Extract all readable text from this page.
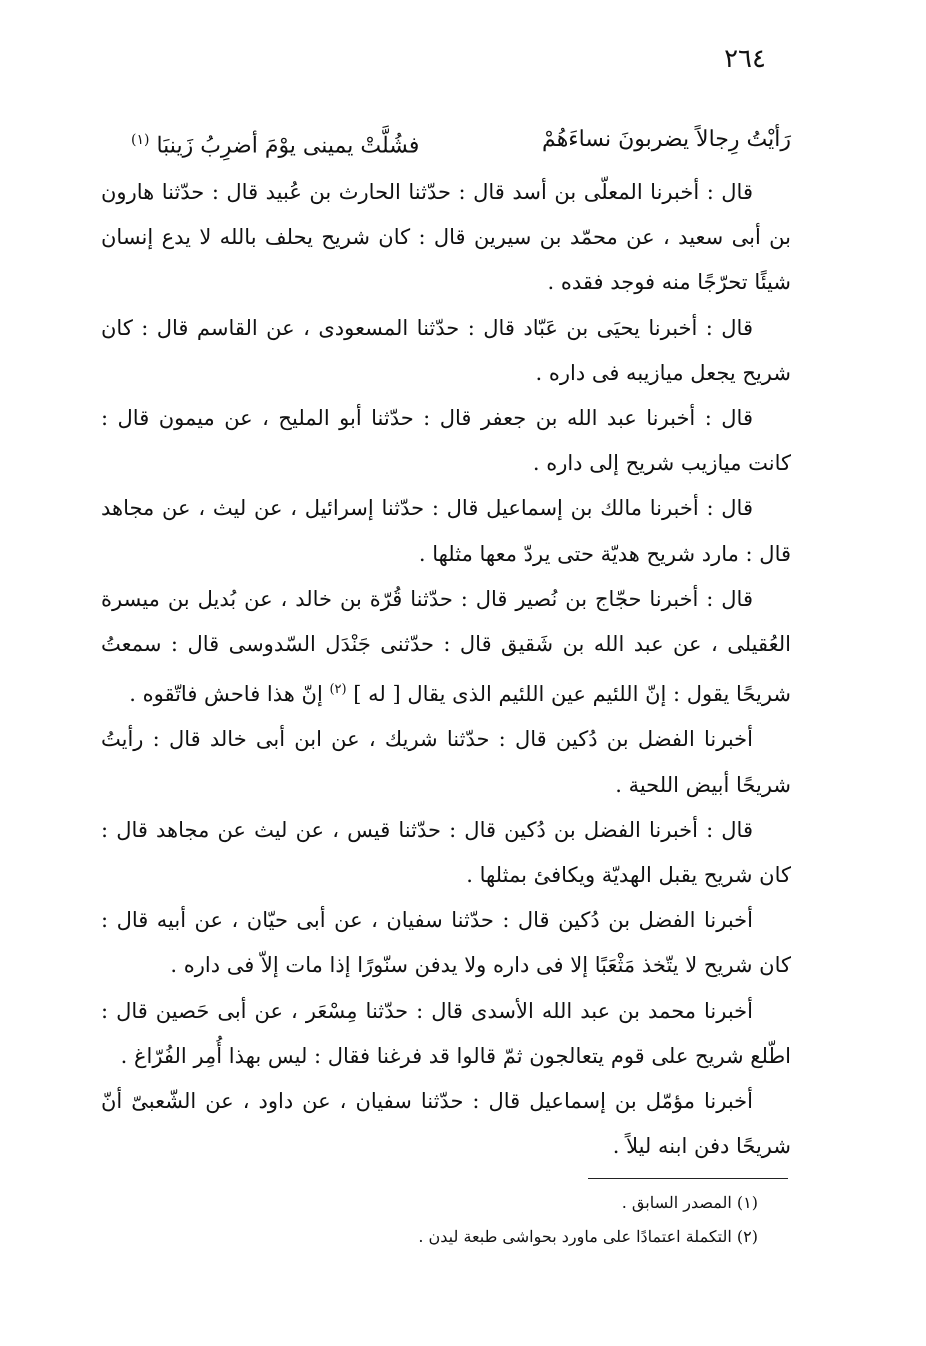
٢٦٤
رَأيْتُ رِجالاً يضربونَ نساءَهُمْ
فشُلَّتْ يمينى يوْمَ أضرِبُ زَينبَا $^{(١)}$

قال : أخبرنا المعلّى بن أسد قال : حدّثنا الحارث بن عُبيد قال : حدّثنا هارون بن أبى سعيد ، عن محمّد بن سيرين قال : كان شريح يحلف بالله لا يدع إنسان شيئًا تحرّجًا منه فوجد فقده .

قال : أخبرنا يحيَى بن عَبّاد قال : حدّثنا المسعودى ، عن القاسم قال : كان شريح يجعل ميازيبه فى داره .

قال : أخبرنا عبد الله بن جعفر قال : حدّثنا أبو المليح ، عن ميمون قال : كانت ميازيب شريح إلى داره .

قال : أخبرنا مالك بن إسماعيل قال : حدّثنا إسرائيل ، عن ليث ، عن مجاهد قال : مارد شريح هديّة حتى يردّ معها مثلها .

قال : أخبرنا حجّاج بن نُصير قال : حدّثنا قُرّة بن خالد ، عن بُديل بن ميسرة العُقيلى ، عن عبد الله بن شَقيق قال : حدّثنى جَنْدَل السّدوسى قال : سمعتُ شريحًا يقول : إنّ اللئيم عين اللئيم الذى يقال [ له ] $^{(٢)}$ إنّ هذا فاحش فاتّقوه .

أخبرنا الفضل بن دُكين قال : حدّثنا شريك ، عن ابن أبى خالد قال : رأيتُ شريحًا أبيض اللحية .

قال : أخبرنا الفضل بن دُكين قال : حدّثنا قيس ، عن ليث عن مجاهد قال : كان شريح يقبل الهديّة ويكافئ بمثلها .

أخبرنا الفضل بن دُكين قال : حدّثنا سفيان ، عن أبى حيّان ، عن أبيه قال : كان شريح لا يتّخذ مَثْعَبًا إلا فى داره ولا يدفن سنّورًا إذا مات إلاّ فى داره .

أخبرنا محمد بن عبد الله الأسدى قال : حدّثنا مِسْعَر ، عن أبى حَصين قال : اطّلع شريح على قوم يتعالجون ثمّ قالوا قد فرغنا فقال : ليس بهذا أُمِر الفُرّاغ .

أخبرنا مؤمّل بن إسماعيل قال : حدّثنا سفيان ، عن داود ، عن الشّعبىّ أنّ شريحًا دفن ابنه ليلاً .

(١) المصدر السابق .
(٢) التكملة اعتمادًا على ماورد بحواشى طبعة ليدن .
